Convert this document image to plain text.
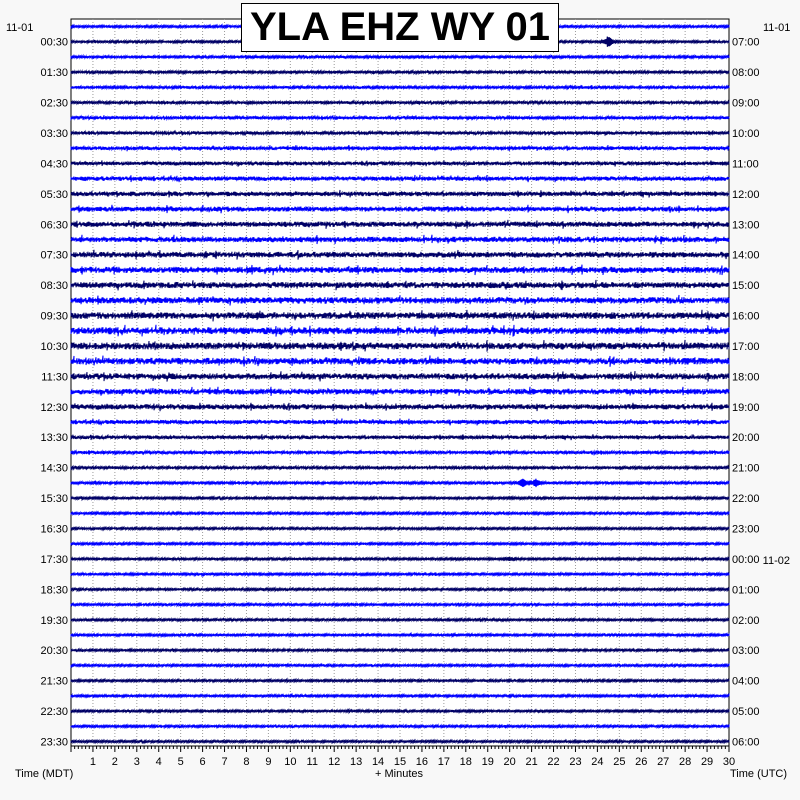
1 2 3 4 5 6 7 8 9 10 11 12 13 14 15 16 17 18 19 20 21 22 23 24 25 26 27 28 29 30
00:30
01:30
02:30
03:30
04:30
05:30
06:30
07:30
08:30
09:30
10:30
11:30
12:30
13:30
14:30
15:30
16:30
17:30
18:30
19:30
20:30
21:30
22:30
23:30
07:00
08:00
09:00
10:00
11:00
12:00
13:00
14:00
15:00
16:00
17:00
18:00
19:00
20:00
21:00
22:00
23:00
00:00
01:00
02:00
03:00
04:00
05:00
06:00
11-01	11-01
11-02
Time (MDT)	Time (UTC)
+ Minutes
YLA EHZ WY 01
